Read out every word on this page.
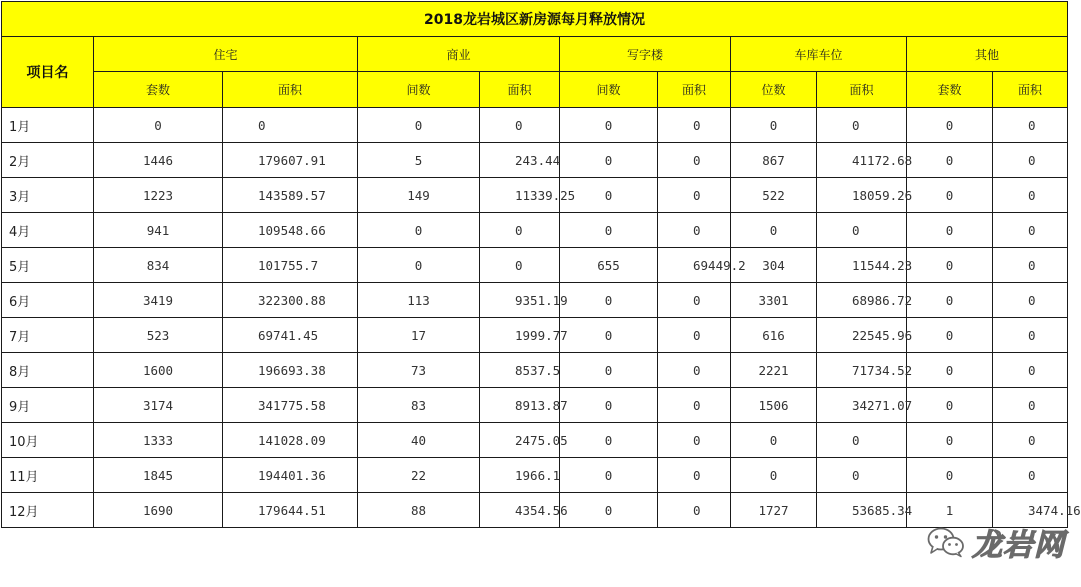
2018龙岩城区新房源每月释放情况										
项目名	住宅		商业		写字楼		车库车位		其他	
	套数	面积	间数	面积	间数	面积	位数	面积	套数	面积
1月	0	0	0	0	0	0	0	0	0	0
2月	1446	179607.91	5	243.44	0	0	867	41172.68	0	0
3月	1223	143589.57	149	11339.25	0	0	522	18059.26	0	0
4月	941	109548.66	0	0	0	0	0	0	0	0
5月	834	101755.7	0	0	655	69449.2	304	11544.23	0	0
6月	3419	322300.88	113	9351.19	0	0	3301	68986.72	0	0
7月	523	69741.45	17	1999.77	0	0	616	22545.96	0	0
8月	1600	196693.38	73	8537.5	0	0	2221	71734.52	0	0
9月	3174	341775.58	83	8913.87	0	0	1506	34271.07	0	0
10月	1333	141028.09	40	2475.05	0	0	0	0	0	0
11月	1845	194401.36	22	1966.1	0	0	0	0	0	0
12月	1690	179644.51	88	4354.56	0	0	1727	53685.34	1	3474.16
龙岩网
